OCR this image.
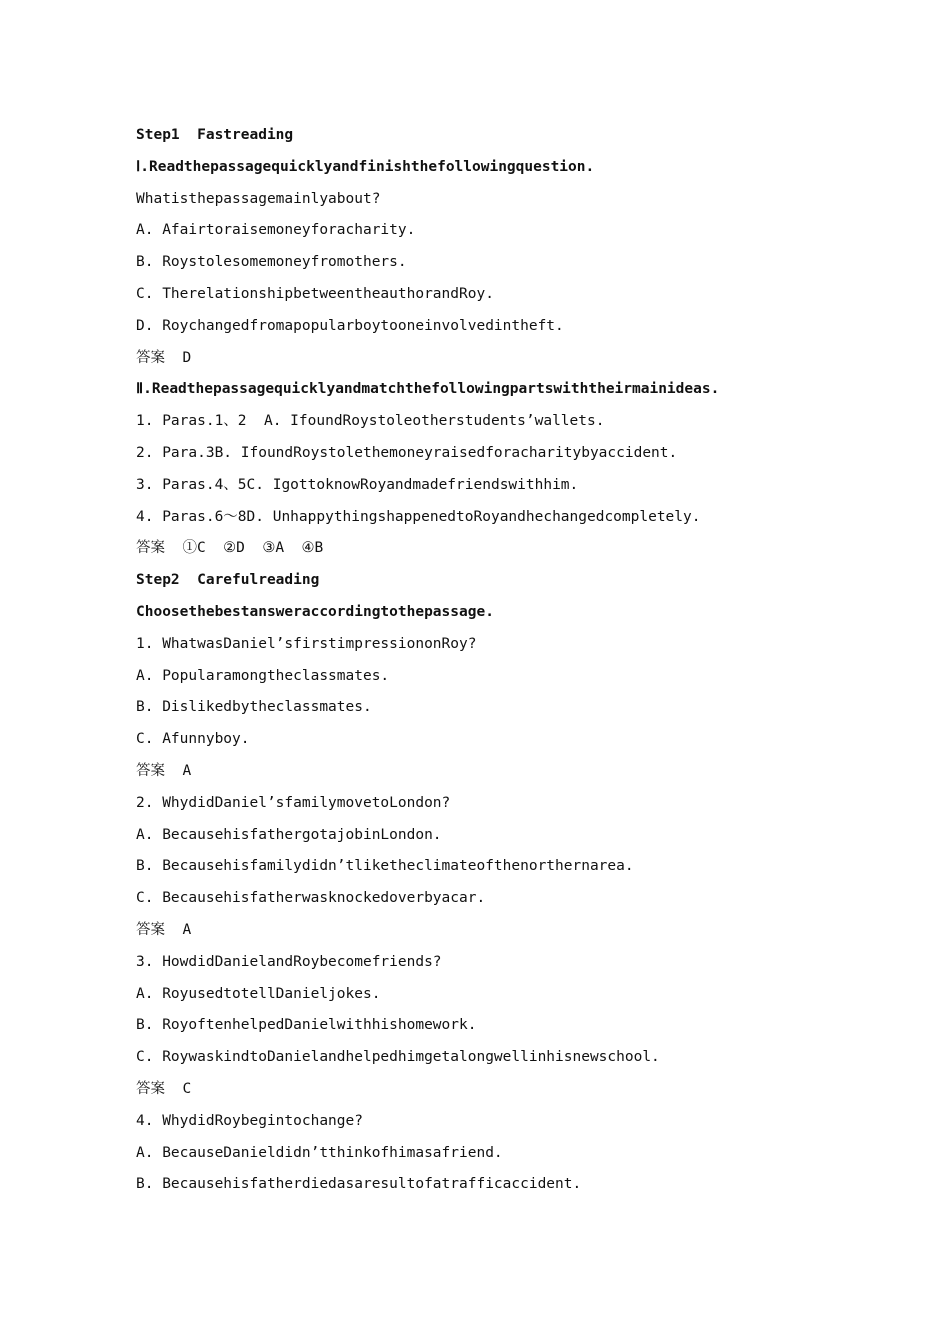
Step1  Fastreading
Ⅰ.Readthepassagequicklyandfinishthefollowingquestion.
Whatisthepassagemainlyabout?
A. Afairtoraisemoneyforacharity.
B. Roystolesomemoneyfromothers.
C. TherelationshipbetweentheauthorandRoy.
D. Roychangedfromapopularboytooneinvolvedintheft.
答案  D
Ⅱ.Readthepassagequicklyandmatchthefollowingpartswiththeirmainideas.
1. Paras.1、2  A. IfoundRoystoleotherstudents’wallets.
2. Para.3B. IfoundRoystolethemoneyraisedforacharitybyaccident.
3. Paras.4、5C. IgottoknowRoyandmadefriendswithhim.
4. Paras.6～8D. UnhappythingshappenedtoRoyandhechangedcompletely.
答案  ①C  ②D  ③A  ④B
Step2  Carefulreading
Choosethebestansweraccordingtothepassage.
1. WhatwasDaniel’sfirstimpressiononRoy?
A. Popularamongtheclassmates.
B. Dislikedbytheclassmates.
C. Afunnyboy.
答案  A
2. WhydidDaniel’sfamilymovetoLondon?
A. BecausehisfathergotajobinLondon.
B. Becausehisfamilydidn’tliketheclimateofthenorthernarea.
C. Becausehisfatherwasknockedoverbyacar.
答案  A
3. HowdidDanielandRoybecomefriends?
A. RoyusedtotellDanieljokes.
B. RoyoftenhelpedDanielwithhishomework.
C. RoywaskindtoDanielandhelpedhimgetalongwellinhisnewschool.
答案  C
4. WhydidRoybegintochange?
A. BecauseDanieldidn’tthinkofhimasafriend.
B. Becausehisfatherdiedasaresultofatrafficaccident.
